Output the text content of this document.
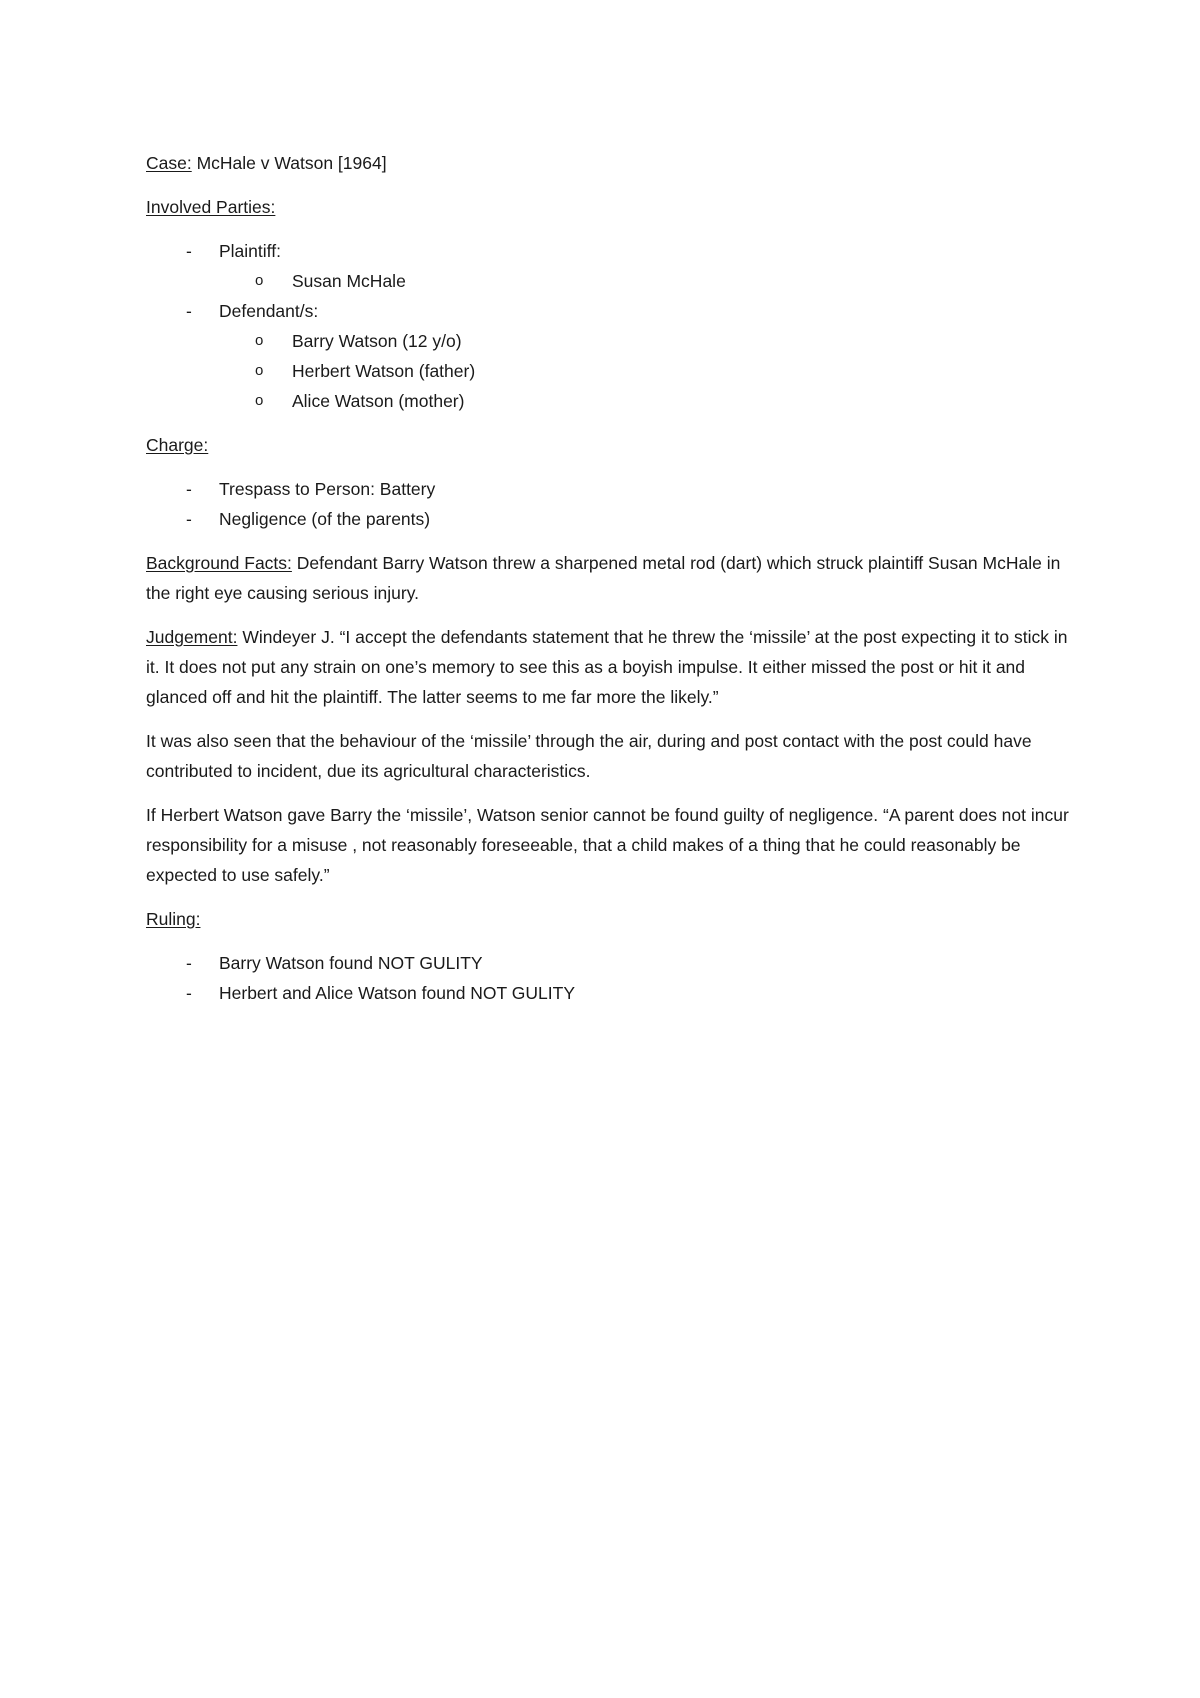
Case: McHale v Watson [1964]

Involved Parties:

- Plaintiff:
o Susan McHale
- Defendant/s:
o Barry Watson (12 y/o)
o Herbert Watson (father)
o Alice Watson (mother)

Charge:

- Trespass to Person: Battery
- Negligence (of the parents)

Background Facts: Defendant Barry Watson threw a sharpened metal rod (dart) which struck plaintiff Susan McHale in the right eye causing serious injury.

Judgement: Windeyer J. “I accept the defendants statement that he threw the ‘missile’ at the post expecting it to stick in it. It does not put any strain on one’s memory to see this as a boyish impulse. It either missed the post or hit it and glanced off and hit the plaintiff. The latter seems to me far more the likely.”

It was also seen that the behaviour of the ‘missile’ through the air, during and post contact with the post could have contributed to incident, due its agricultural characteristics.

If Herbert Watson gave Barry the ‘missile’, Watson senior cannot be found guilty of negligence. “A parent does not incur responsibility for a misuse , not reasonably foreseeable, that a child makes of a thing that he could reasonably be expected to use safely.”

Ruling:

- Barry Watson found NOT GULITY
- Herbert and Alice Watson found NOT GULITY
